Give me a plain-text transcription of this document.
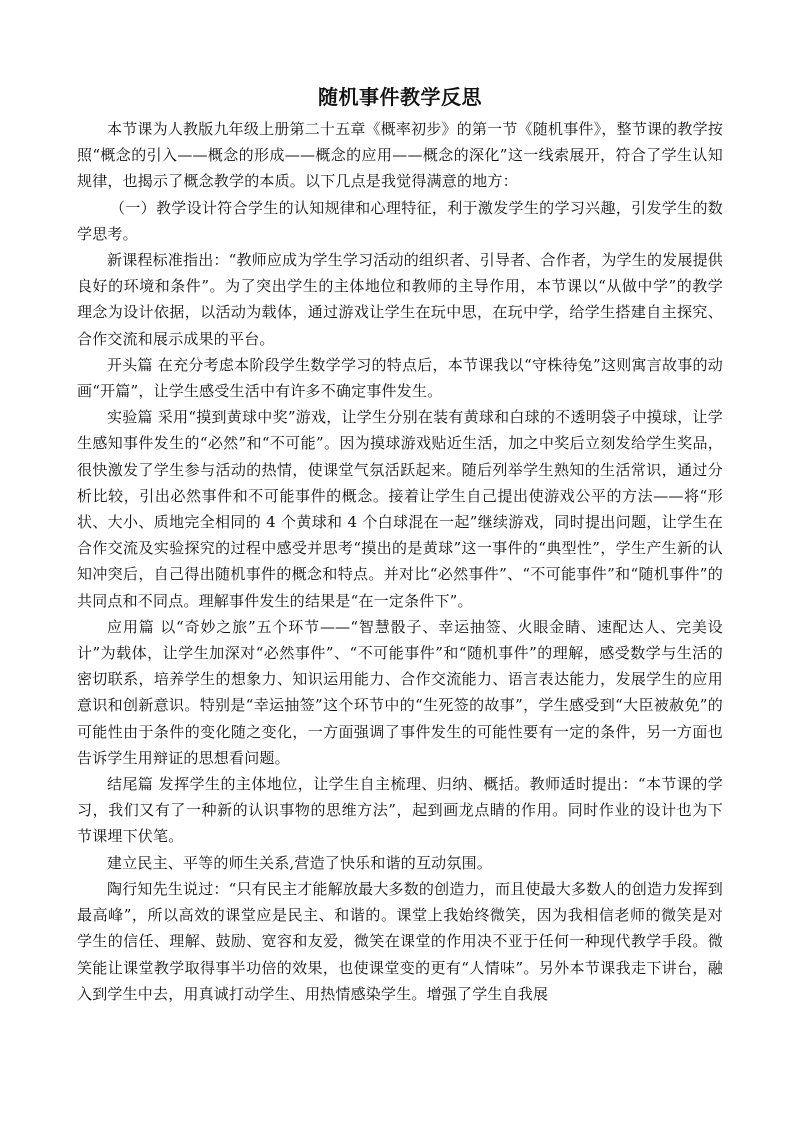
随机事件教学反思

本节课为人教版九年级上册第二十五章《概率初步》的第一节《随机事件》，整节课的教学按照“概念的引入——概念的形成——概念的应用——概念的深化”这一线索展开，符合了学生认知规律，也揭示了概念教学的本质。以下几点是我觉得满意的地方：

（一）教学设计符合学生的认知规律和心理特征，利于激发学生的学习兴趣，引发学生的数学思考。

新课程标准指出：“教师应成为学生学习活动的组织者、引导者、合作者，为学生的发展提供良好的环境和条件”。为了突出学生的主体地位和教师的主导作用，本节课以“从做中学”的教学理念为设计依据，以活动为载体，通过游戏让学生在玩中思，在玩中学，给学生搭建自主探究、合作交流和展示成果的平台。

开头篇 在充分考虑本阶段学生数学学习的特点后，本节课我以“守株待兔”这则寓言故事的动画“开篇”，让学生感受生活中有许多不确定事件发生。

实验篇 采用“摸到黄球中奖”游戏，让学生分别在装有黄球和白球的不透明袋子中摸球，让学生感知事件发生的“必然”和“不可能”。因为摸球游戏贴近生活，加之中奖后立刻发给学生奖品，很快激发了学生参与活动的热情，使课堂气氛活跃起来。随后列举学生熟知的生活常识，通过分析比较，引出必然事件和不可能事件的概念。接着让学生自己提出使游戏公平的方法——将“形状、大小、质地完全相同的 4 个黄球和 4 个白球混在一起”继续游戏，同时提出问题，让学生在合作交流及实验探究的过程中感受并思考“摸出的是黄球”这一事件的“典型性”，学生产生新的认知冲突后，自己得出随机事件的概念和特点。并对比“必然事件”、“不可能事件”和“随机事件”的共同点和不同点。理解事件发生的结果是“在一定条件下”。

应用篇 以“奇妙之旅”五个环节——“智慧骰子、幸运抽签、火眼金睛、速配达人、完美设计”为载体，让学生加深对“必然事件”、“不可能事件”和“随机事件”的理解，感受数学与生活的密切联系，培养学生的想象力、知识运用能力、合作交流能力、语言表达能力，发展学生的应用意识和创新意识。特别是“幸运抽签”这个环节中的“生死签的故事”，学生感受到“大臣被赦免”的可能性由于条件的变化随之变化，一方面强调了事件发生的可能性要有一定的条件，另一方面也告诉学生用辩证的思想看问题。

结尾篇 发挥学生的主体地位，让学生自主梳理、归纳、概括。教师适时提出：“本节课的学习，我们又有了一种新的认识事物的思维方法”，起到画龙点睛的作用。同时作业的设计也为下节课埋下伏笔。

建立民主、平等的师生关系,营造了快乐和谐的互动氛围。

陶行知先生说过：“只有民主才能解放最大多数的创造力，而且使最大多数人的创造力发挥到最高峰”，所以高效的课堂应是民主、和谐的。课堂上我始终微笑，因为我相信老师的微笑是对学生的信任、理解、鼓励、宽容和友爱，微笑在课堂的作用决不亚于任何一种现代教学手段。微笑能让课堂教学取得事半功倍的效果，也使课堂变的更有“人情味”。另外本节课我走下讲台，融入到学生中去，用真诚打动学生、用热情感染学生。增强了学生自我展
